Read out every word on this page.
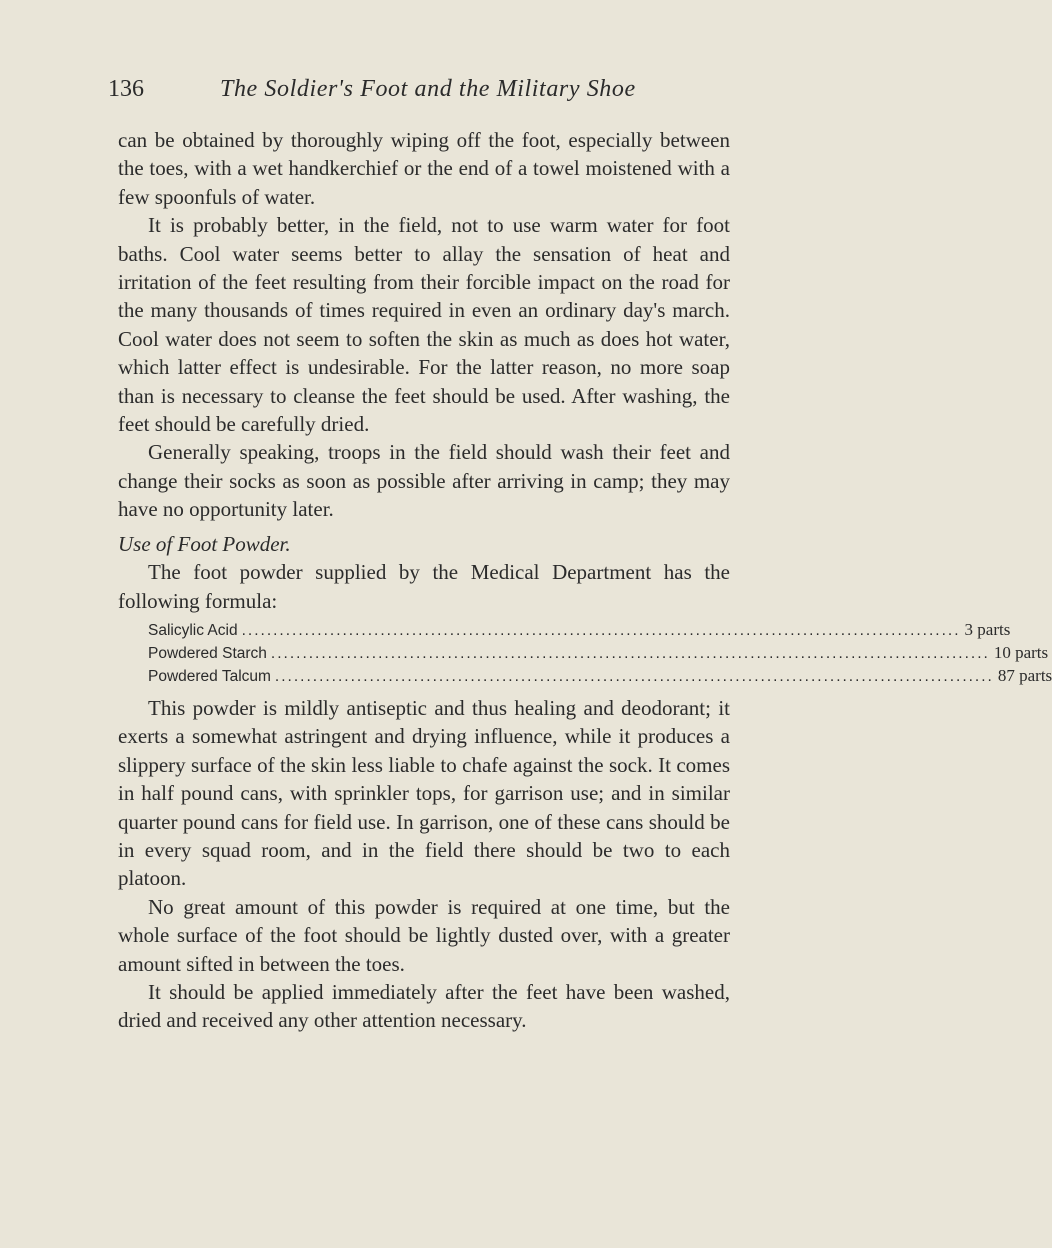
136	The Soldier's Foot and the Military Shoe

can be obtained by thoroughly wiping off the foot, especially between the toes, with a wet handkerchief or the end of a towel moistened with a few spoonfuls of water.

It is probably better, in the field, not to use warm water for foot baths. Cool water seems better to allay the sensation of heat and irritation of the feet resulting from their forcible impact on the road for the many thousands of times required in even an ordinary day's march. Cool water does not seem to soften the skin as much as does hot water, which latter effect is undesirable. For the latter reason, no more soap than is necessary to cleanse the feet should be used. After washing, the feet should be carefully dried.

Generally speaking, troops in the field should wash their feet and change their socks as soon as possible after arriving in camp; they may have no opportunity later.

Use of Foot Powder.

The foot powder supplied by the Medical Department has the following formula:

Salicylic Acid .................................................................................................................. 3 parts
Powdered Starch .................................................................................................................. 10 parts
Powdered Talcum .................................................................................................................. 87 parts

This powder is mildly antiseptic and thus healing and deodorant; it exerts a somewhat astringent and drying influence, while it produces a slippery surface of the skin less liable to chafe against the sock. It comes in half pound cans, with sprinkler tops, for garrison use; and in similar quarter pound cans for field use. In garrison, one of these cans should be in every squad room, and in the field there should be two to each platoon.

No great amount of this powder is required at one time, but the whole surface of the foot should be lightly dusted over, with a greater amount sifted in between the toes.

It should be applied immediately after the feet have been washed, dried and received any other attention necessary.
